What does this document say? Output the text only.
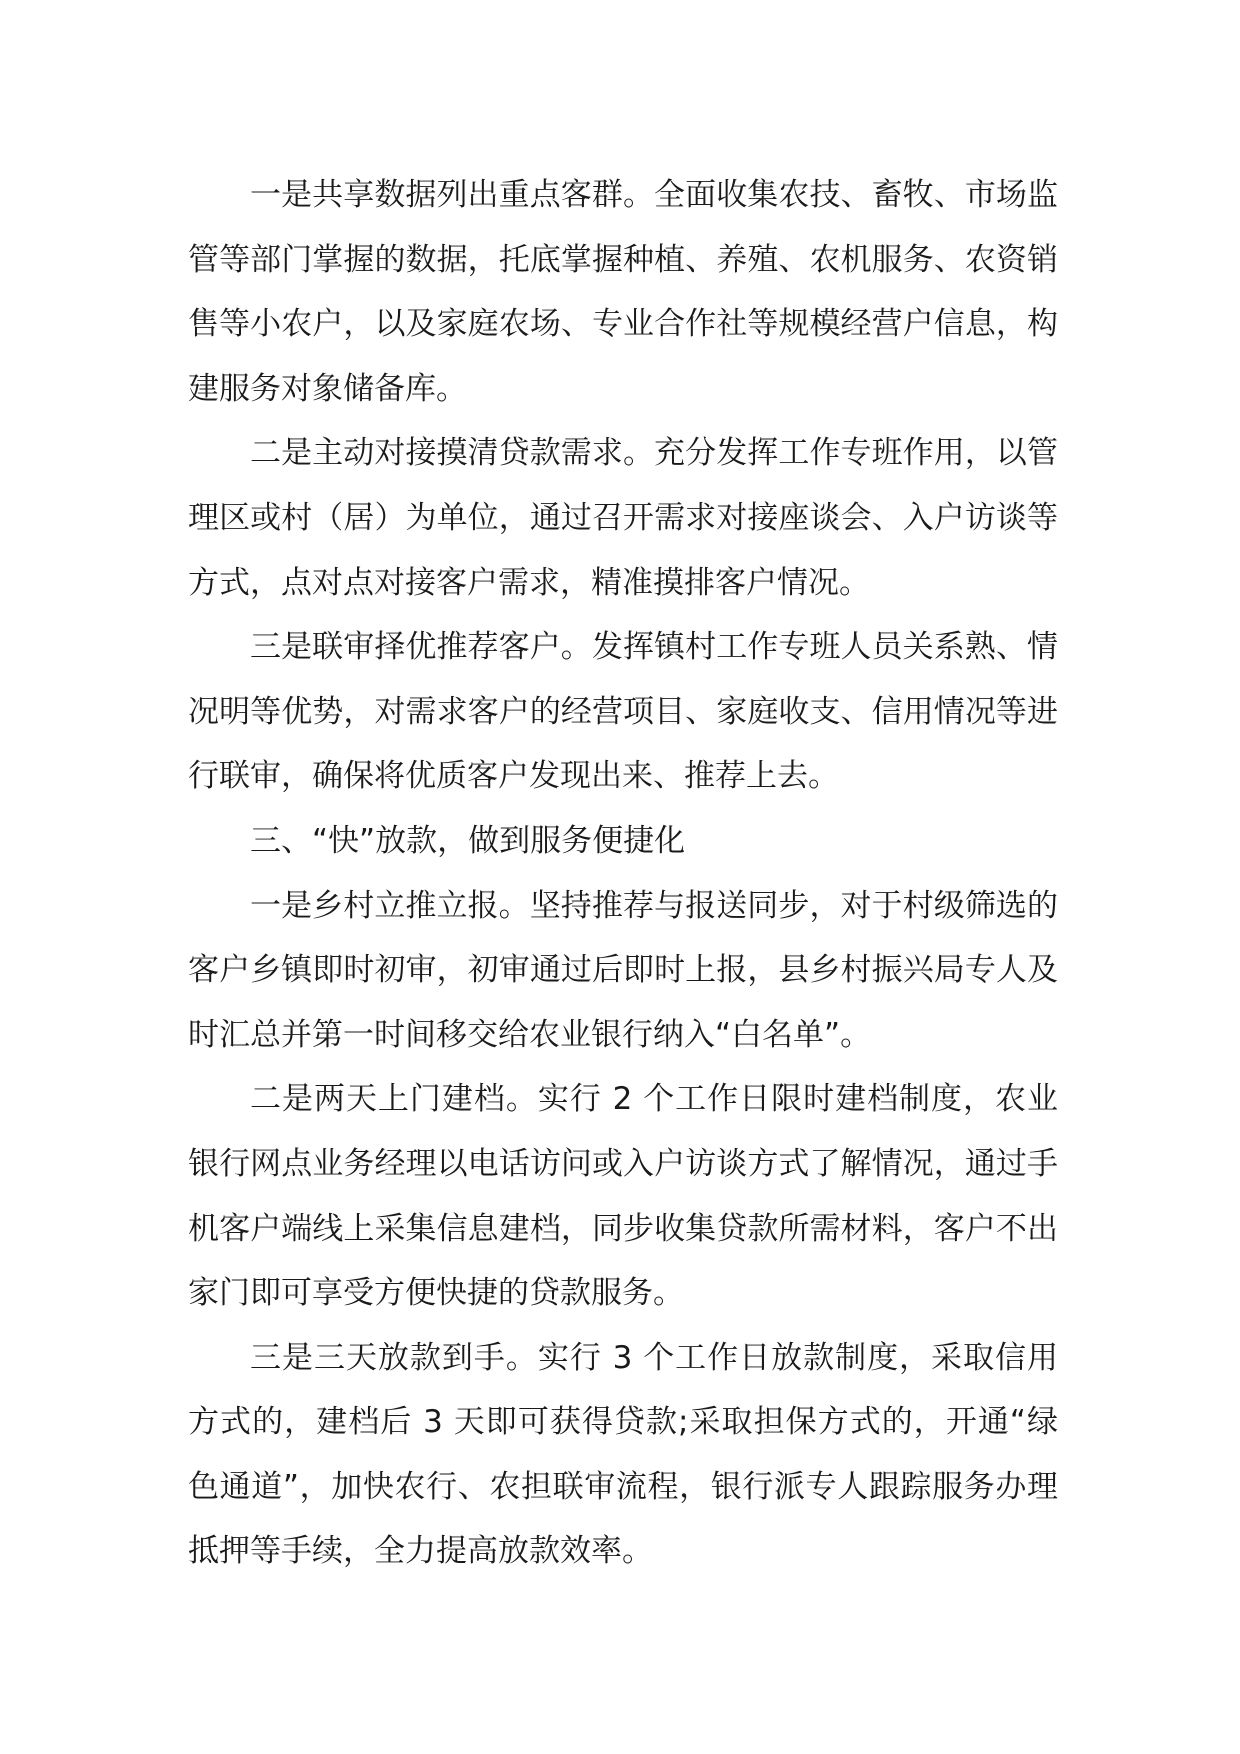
一是共享数据列出重点客群。全面收集农技、畜牧、市场监管等部门掌握的数据，托底掌握种植、养殖、农机服务、农资销售等小农户，以及家庭农场、专业合作社等规模经营户信息，构建服务对象储备库。

二是主动对接摸清贷款需求。充分发挥工作专班作用，以管理区或村（居）为单位，通过召开需求对接座谈会、入户访谈等方式，点对点对接客户需求，精准摸排客户情况。

三是联审择优推荐客户。发挥镇村工作专班人员关系熟、情况明等优势，对需求客户的经营项目、家庭收支、信用情况等进行联审，确保将优质客户发现出来、推荐上去。

三、“快”放款，做到服务便捷化

一是乡村立推立报。坚持推荐与报送同步，对于村级筛选的客户乡镇即时初审，初审通过后即时上报，县乡村振兴局专人及时汇总并第一时间移交给农业银行纳入“白名单”。

二是两天上门建档。实行 2 个工作日限时建档制度，农业银行网点业务经理以电话访问或入户访谈方式了解情况，通过手机客户端线上采集信息建档，同步收集贷款所需材料，客户不出家门即可享受方便快捷的贷款服务。

三是三天放款到手。实行 3 个工作日放款制度，采取信用方式的，建档后 3 天即可获得贷款;采取担保方式的，开通“绿色通道”，加快农行、农担联审流程，银行派专人跟踪服务办理抵押等手续，全力提高放款效率。
